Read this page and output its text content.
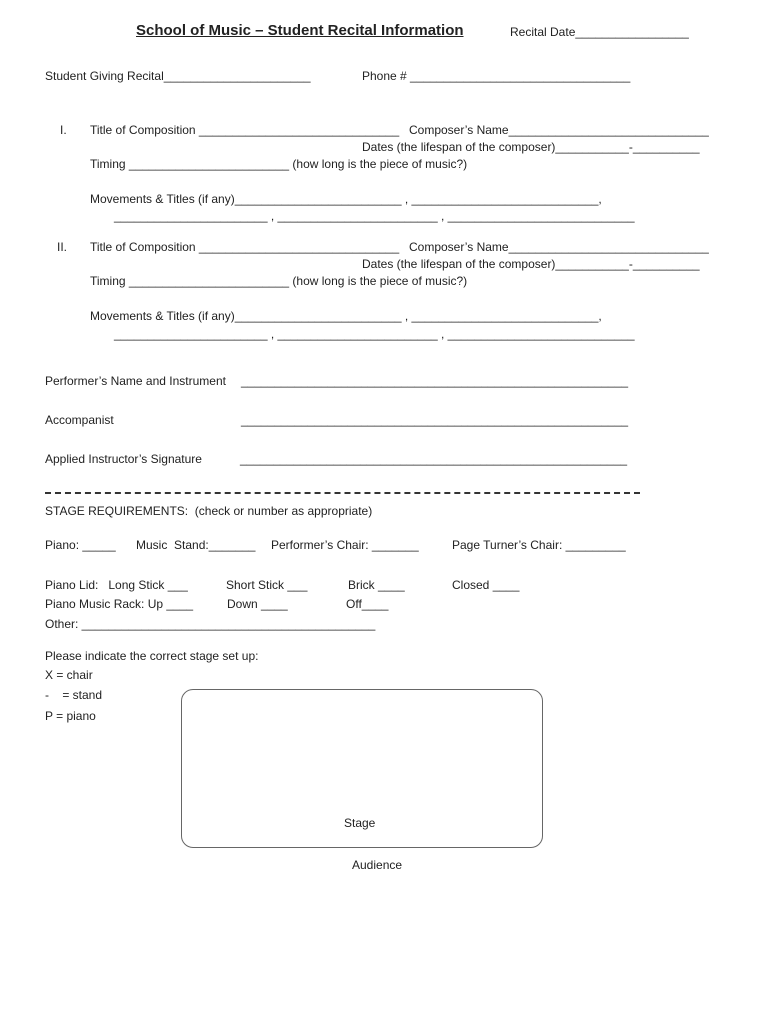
School of Music – Student Recital Information	Recital Date_________________
Student Giving Recital______________________	Phone # _________________________________
I. Title of Composition ______________________________ Composer’s Name______________________________
Dates (the lifespan of the composer)___________-__________
Timing ________________________ (how long is the piece of music?)
Movements & Titles (if any)_________________________ , ____________________________,
_______________________ , ________________________ , ____________________________
II. Title of Composition ______________________________ Composer’s Name______________________________
Dates (the lifespan of the composer)___________-__________
Timing ________________________ (how long is the piece of music?)
Movements & Titles (if any)_________________________ , ____________________________,
_______________________ , ________________________ , ____________________________
Performer’s Name and Instrument __________________________________________________________
Accompanist	__________________________________________________________
Applied Instructor’s Signature	__________________________________________________________
STAGE REQUIREMENTS:  (check or number as appropriate)
Piano: _____ Music  Stand:_______ Performer’s Chair: _______	Page Turner’s Chair: _________
Piano Lid:   Long Stick ___	Short Stick ___	Brick ____	Closed ____
Piano Music Rack: Up ____	Down ____	Off____
Other: ____________________________________________
Please indicate the correct stage set up:
X = chair
-    = stand
P = piano
Stage
Audience
